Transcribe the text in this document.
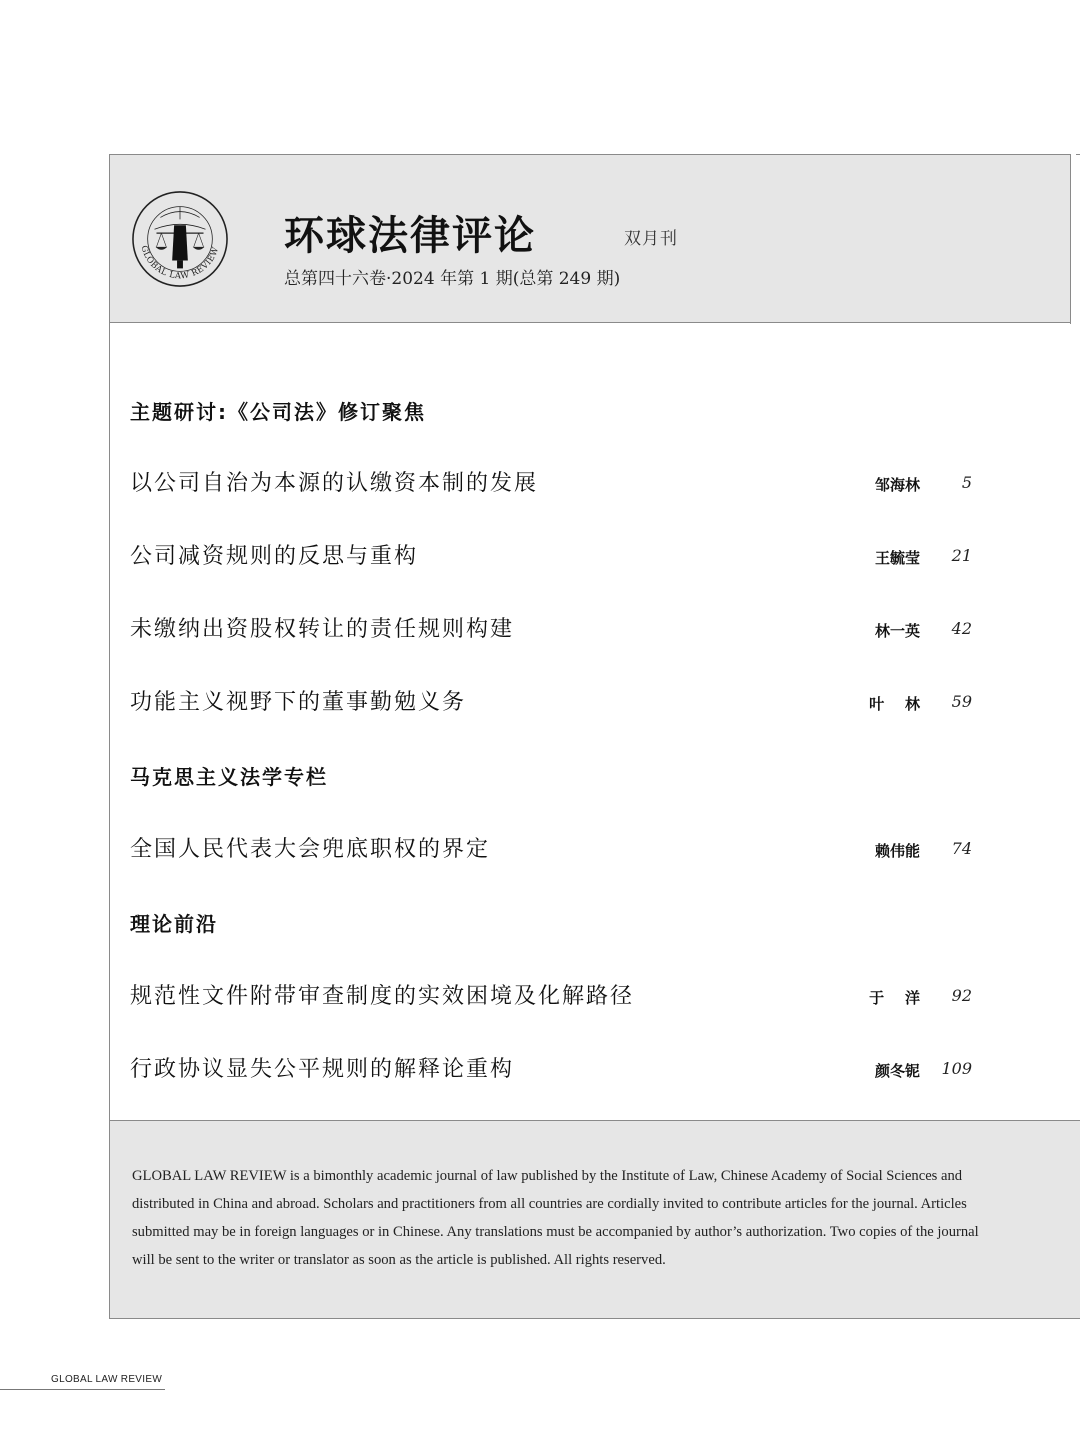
GLOBAL LAW REVIEW 环球法律评论	双月刊
总第四十六卷·2024 年第 1 期(总第 249 期)
主题研讨:《公司法》修订聚焦
以公司自治为本源的认缴资本制的发展	邹海林	5
公司减资规则的反思与重构	王毓莹	21
未缴纳出资股权转让的责任规则构建	林一英	42
功能主义视野下的董事勤勉义务	叶    林	59
马克思主义法学专栏
全国人民代表大会兜底职权的界定	赖伟能	74
理论前沿
规范性文件附带审查制度的实效困境及化解路径	于    洋	92
行政协议显失公平规则的解释论重构	颜冬铌	109
GLOBAL LAW REVIEW is a bimonthly academic journal of law published by the Institute of Law, Chinese Academy of Social Sciences and distributed in China and abroad. Scholars and practitioners from all countries are cordially invited to contribute articles for the journal. Articles submitted may be in foreign languages or in Chinese. Any translations must be accompanied by author’s authorization. Two copies of the journal will be sent to the writer or translator as soon as the article is published. All rights reserved.
GLOBAL LAW REVIEW
